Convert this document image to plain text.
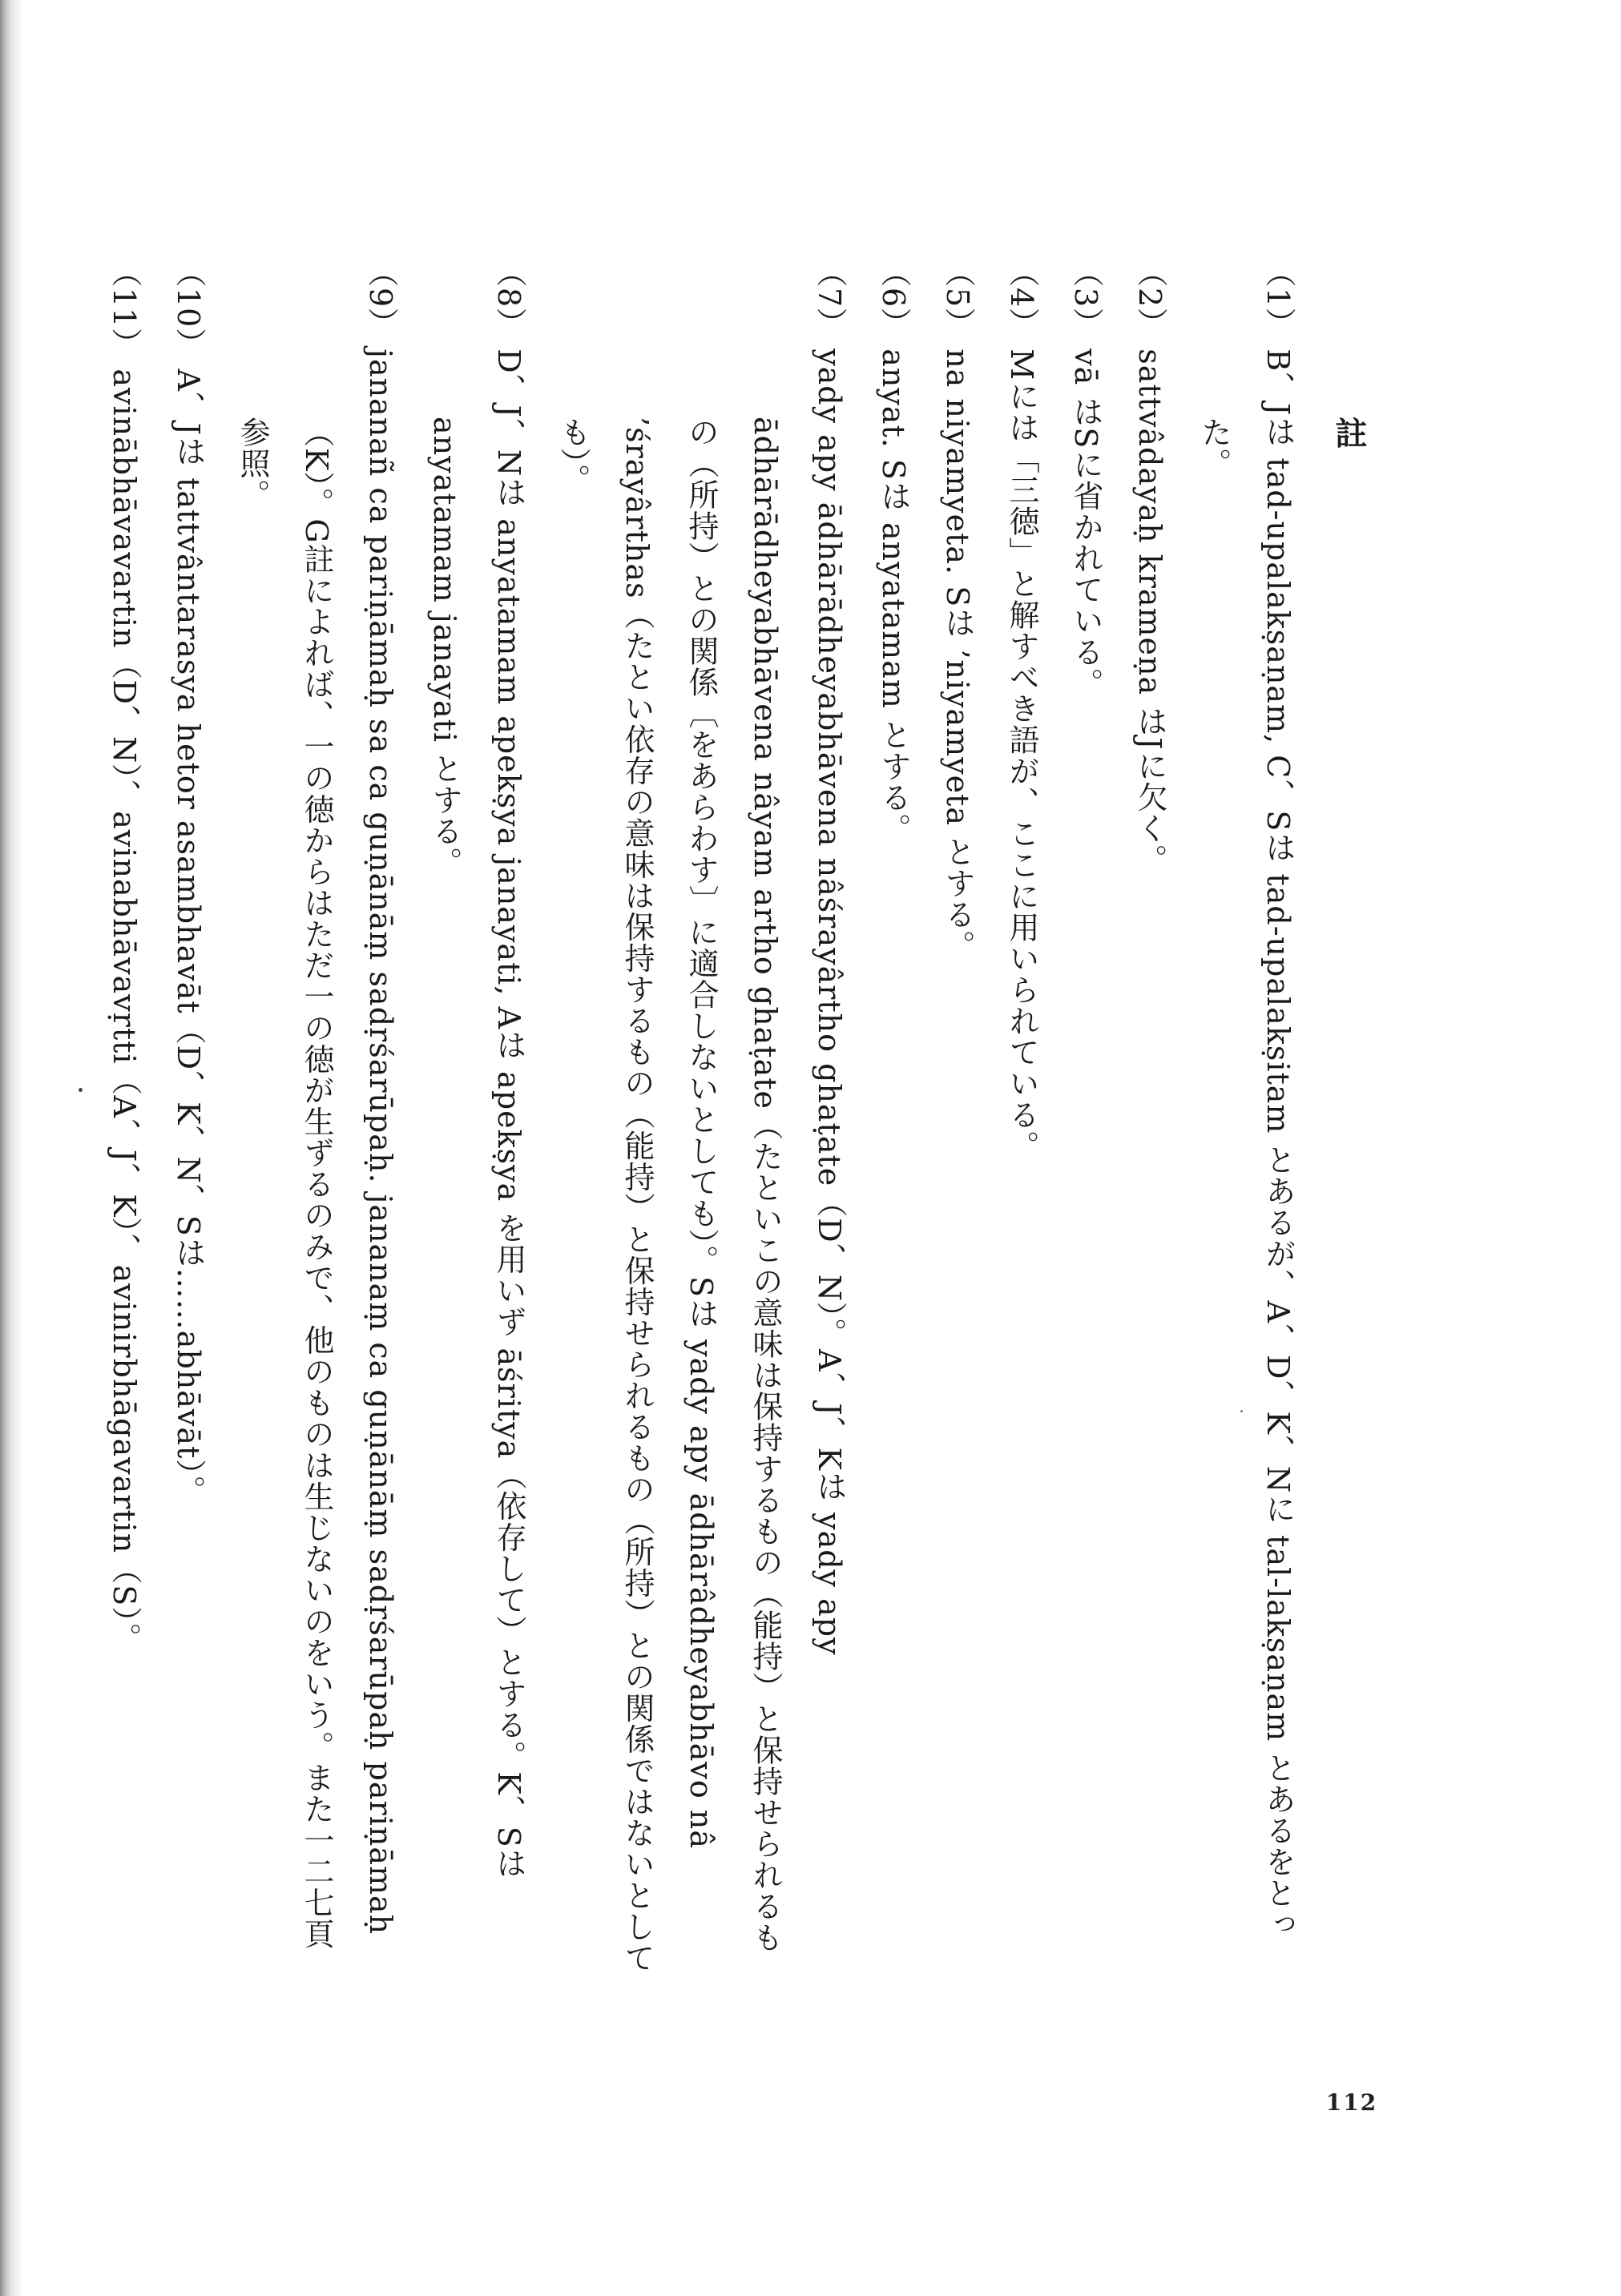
註
（1）B、Jは tad-upalakṣaṇam, C、Sは tad-upalakṣitam とあるが、A、D、K、Nに tal-lakṣaṇam とあるをとった。
（2）sattvâdayaḥ krameṇa はJに欠く。
（3）vā はSに省かれている。
（4）Mには「三徳」と解すべき語が、ここに用いられている。
（5）na niyamyeta. Sは ’niyamyeta とする。
（6）anyat. Sは anyatamam とする。
（7）yady apy ādhārādheyabhāvena nâśrayârtho ghaṭate（D、N）。A、J、Kは yady apy ādhārādheyabhāvena nâyam artho ghaṭate（たといこの意味は保持するもの（能持）と保持せられるもの（所持）との関係〔をあらわす〕に適合しないとしても）。Sは yady apy ādhārâdheyabhāvo nâ ’śrayârthas（たとい依存の意味は保持するもの（能持）と保持せられるもの（所持）との関係ではないとしても）。
（8）D、J、Nは anyatamam apekṣya janayati, Aは apekṣya を用いず āśritya（依存して）とする。K、Sは anyatamam janayati とする。
（9）jananañ ca pariṇāmaḥ sa ca guṇānāṃ sadṛśarūpaḥ. jananaṃ ca guṇānāṃ sadṛśarūpaḥ pariṇāmaḥ（K）。G註によれば、一の徳からはただ一の徳が生ずるのみで、他のものは生じないのをいう。また一二七頁参照。
（10）A、Jは tattvântarasya hetor asambhavāt（D、K、N、Sは……abhāvāt）。
（11）avinābhāvavartin（D、N）、avinabhāvavṛtti（A、J、K）、avinirbhāgavartin（S）。
112
